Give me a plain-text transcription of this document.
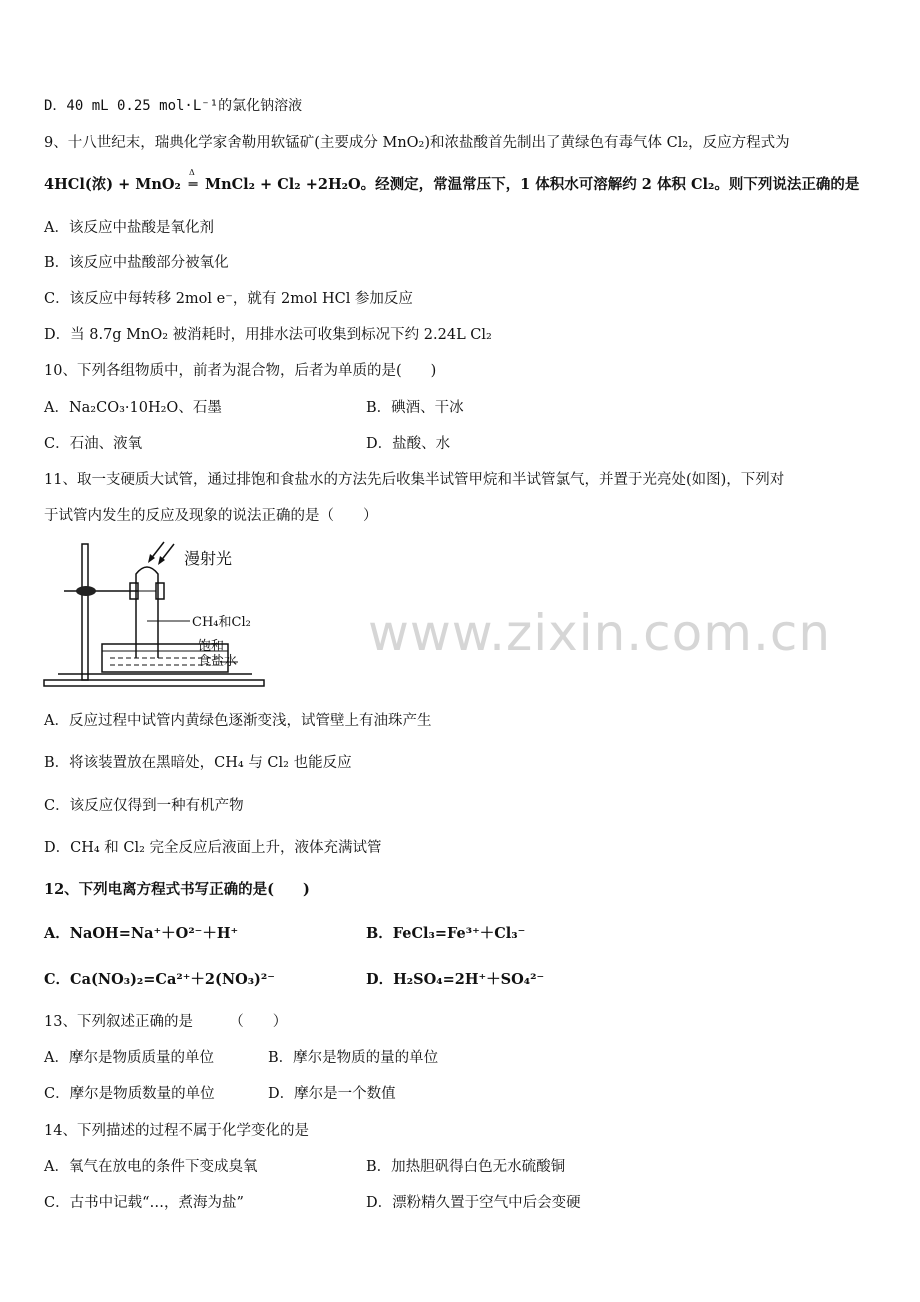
D．40 mL 0.25 mol·L⁻¹的氯化钠溶液
9、十八世纪末，瑞典化学家舍勒用软锰矿(主要成分 MnO₂)和浓盐酸首先制出了黄绿色有毒气体 Cl₂，反应方程式为
4HCl(浓) + MnO₂
Δ
═ MnCl₂ + Cl₂ +2H₂O。经测定，常温常压下，1 体积水可溶解约 2 体积 Cl₂。则下列说法正确的是
A．该反应中盐酸是氧化剂
B．该反应中盐酸部分被氧化
C．该反应中每转移 2mol e⁻，就有 2mol HCl 参加反应
D．当 8.7g MnO₂ 被消耗时，用排水法可收集到标况下约 2.24L Cl₂
10、下列各组物质中，前者为混合物，后者为单质的是(　　)
A．Na₂CO₃·10H₂O、石墨	B．碘酒、干冰
C．石油、液氧	D．盐酸、水
11、取一支硬质大试管，通过排饱和食盐水的方法先后收集半试管甲烷和半试管氯气，并置于光亮处(如图)，下列对
于试管内发生的反应及现象的说法正确的是（　　）
漫射光
CH₄和Cl₂
饱和
食盐水	www.zixin.com.cn
A．反应过程中试管内黄绿色逐渐变浅，试管壁上有油珠产生
B．将该装置放在黑暗处，CH₄ 与 Cl₂ 也能反应
C．该反应仅得到一种有机产物
D．CH₄ 和 Cl₂ 完全反应后液面上升，液体充满试管
12、下列电离方程式书写正确的是(　　)
A．NaOH=Na⁺＋O²⁻＋H⁺	B．FeCl₃=Fe³⁺＋Cl₃⁻
C．Ca(NO₃)₂=Ca²⁺＋2(NO₃)²⁻	D．H₂SO₄=2H⁺＋SO₄²⁻
13、下列叙述正确的是　　　（　　）
A．摩尔是物质质量的单位	B．摩尔是物质的量的单位
C．摩尔是物质数量的单位	D．摩尔是一个数值
14、下列描述的过程不属于化学变化的是
A．氧气在放电的条件下变成臭氧	B．加热胆矾得白色无水硫酸铜
C．古书中记载“…，煮海为盐”	D．漂粉精久置于空气中后会变硬
